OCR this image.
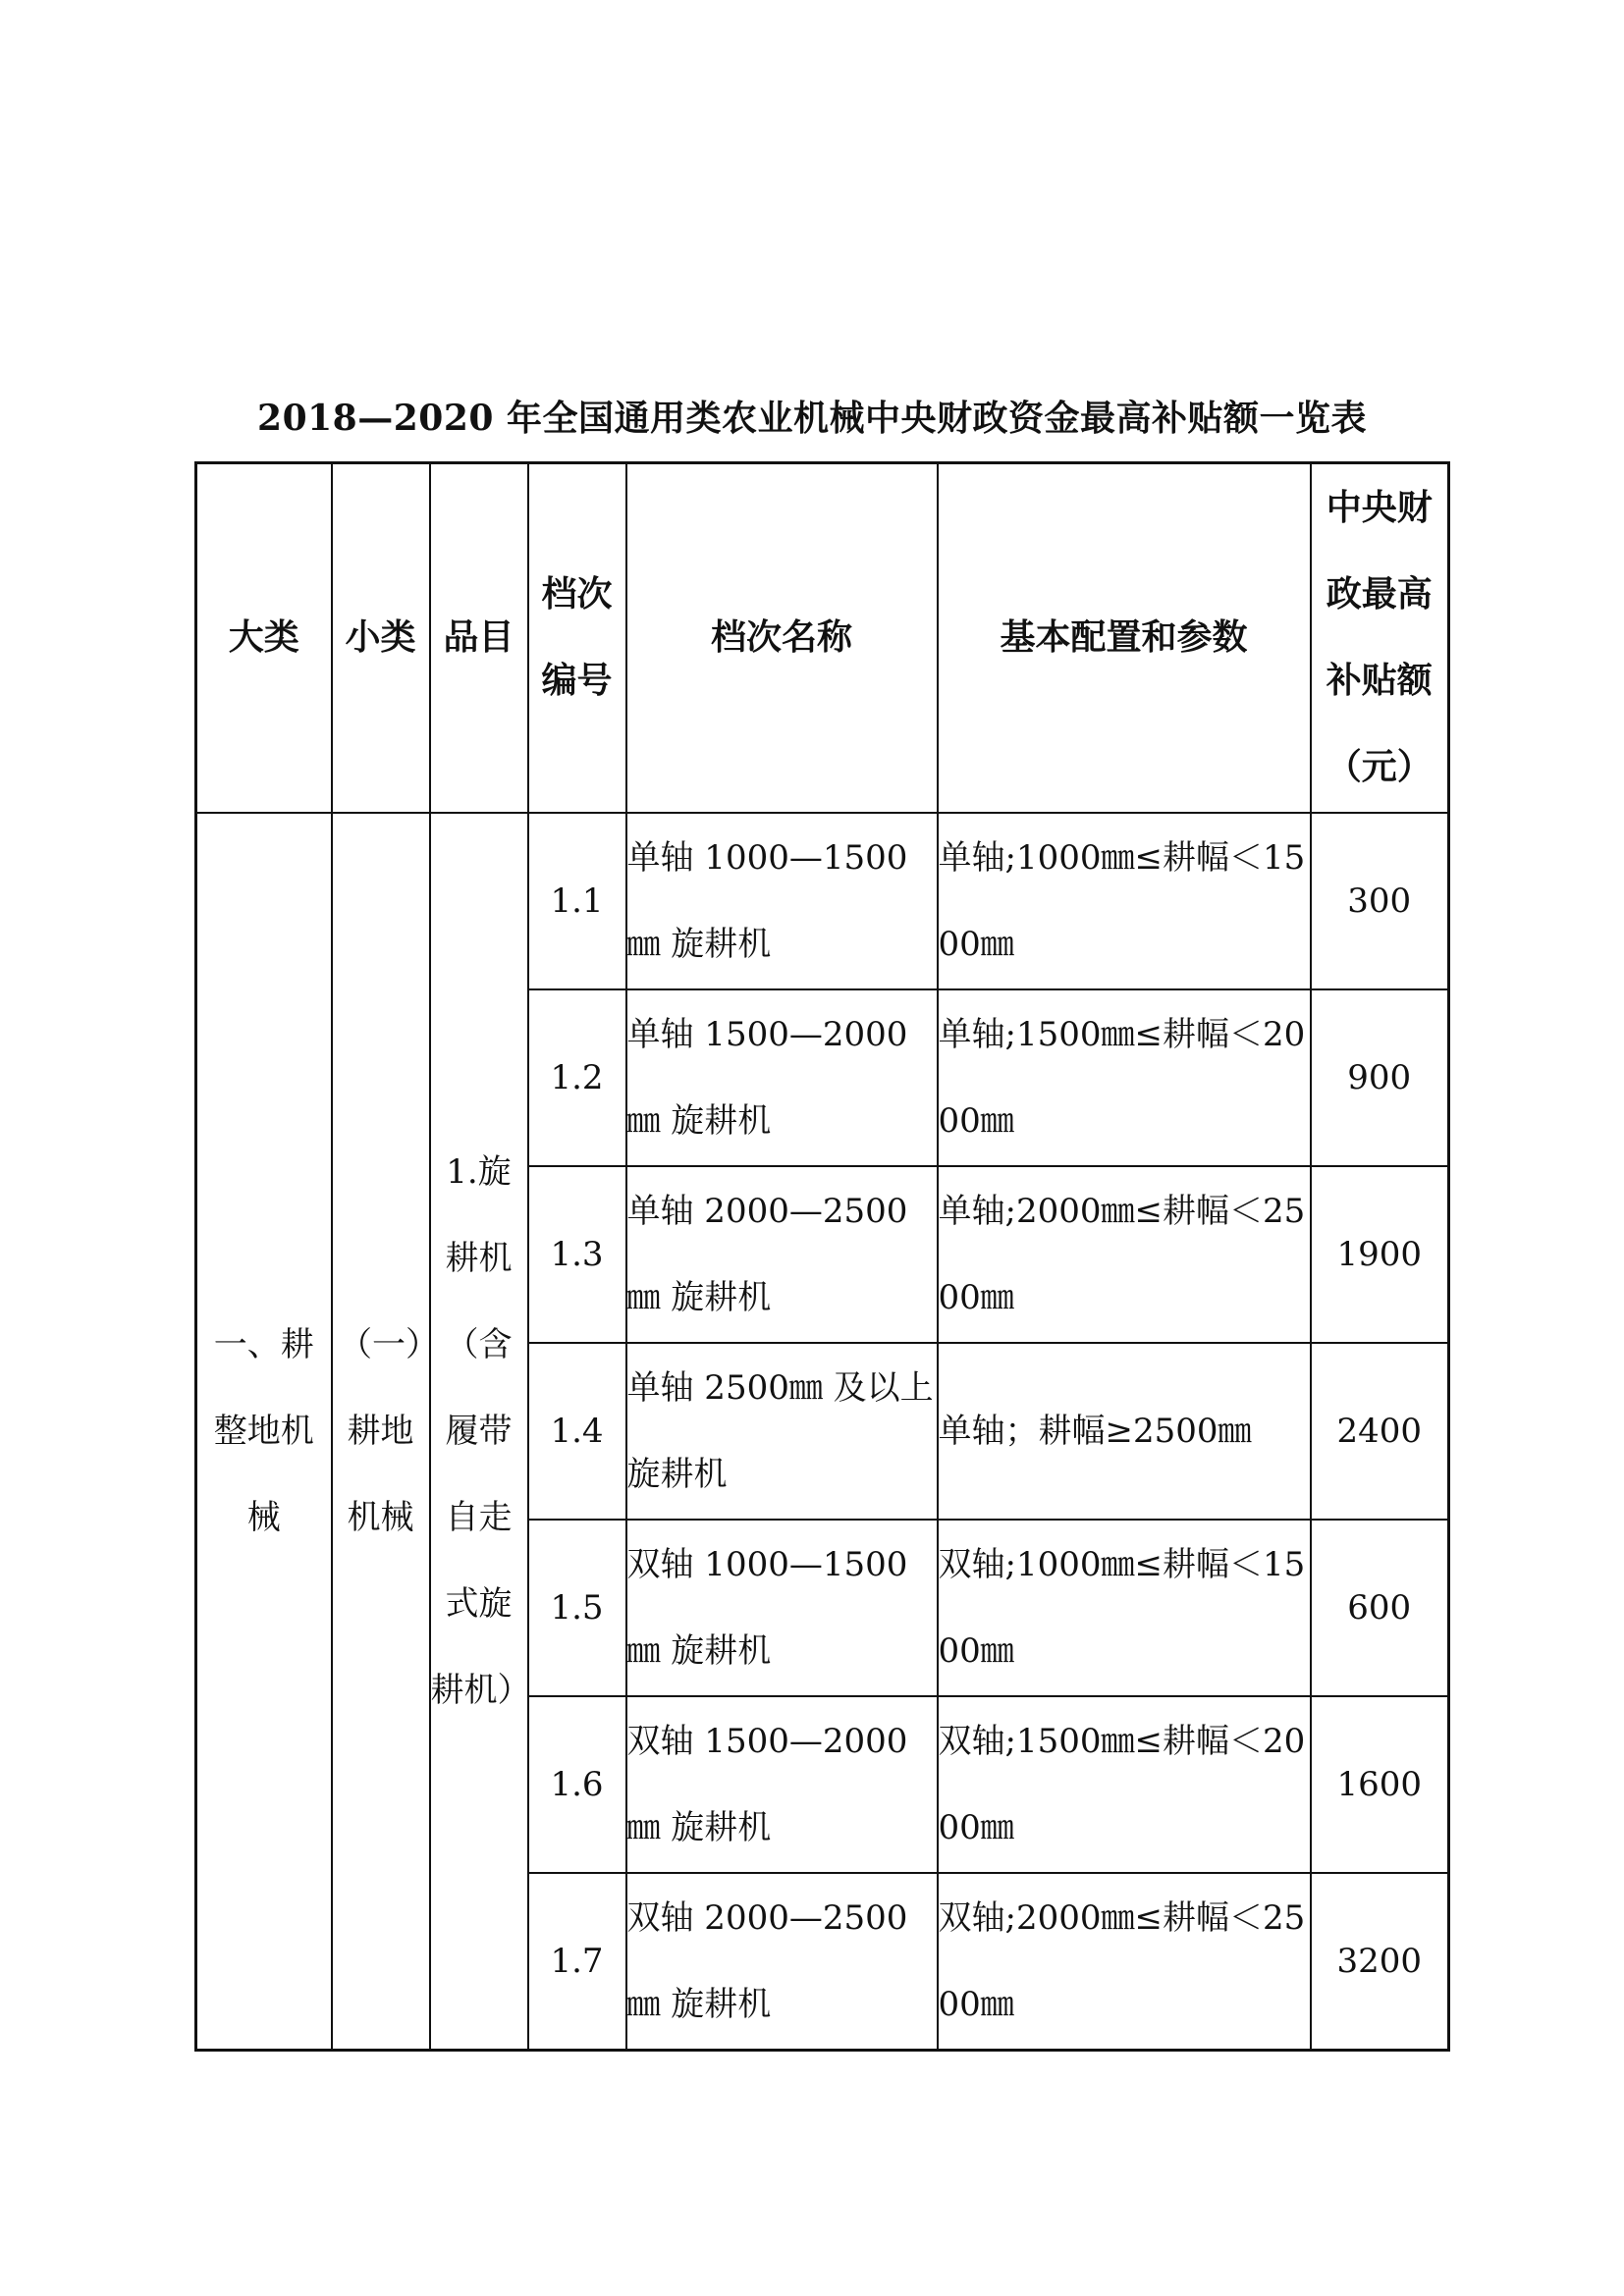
2018—2020 年全国通用类农业机械中央财政资金最高补贴额一览表
大类	小类	品目	档次编号	档次名称	基本配置和参数	中央财政最高补贴额（元）

一、耕整地机械	（一）耕地机械	1.旋耕机（含履带自走式旋耕机）	1.1	单轴 1000—1500㎜ 旋耕机	单轴;1000㎜≤耕幅＜1500㎜	300
			1.2	单轴 1500—2000㎜ 旋耕机	单轴;1500㎜≤耕幅＜2000㎜	900
			1.3	单轴 2000—2500㎜ 旋耕机	单轴;2000㎜≤耕幅＜2500㎜	1900
			1.4	单轴 2500㎜ 及以上旋耕机	单轴；耕幅≥2500㎜	2400
			1.5	双轴 1000—1500㎜ 旋耕机	双轴;1000㎜≤耕幅＜1500㎜	600
			1.6	双轴 1500—2000㎜ 旋耕机	双轴;1500㎜≤耕幅＜2000㎜	1600
			1.7	双轴 2000—2500㎜ 旋耕机	双轴;2000㎜≤耕幅＜2500㎜	3200
